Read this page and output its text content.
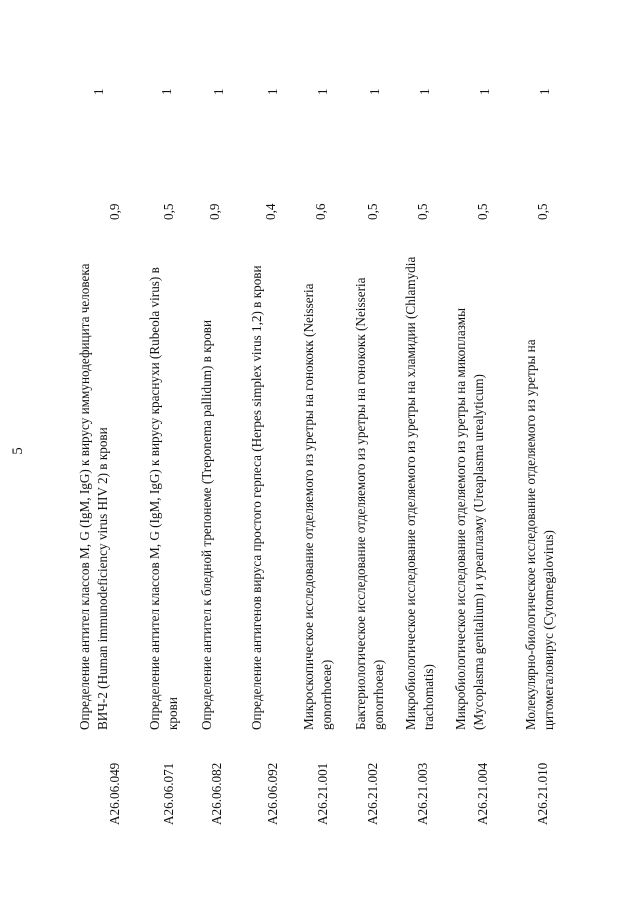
5
A26.06.049
Определение антител классов M, G (IgM, IgG) к вирусу иммунодефицита человека ВИЧ-2 (Human immunodeficiency virus HIV 2) в крови
0,9
1
A26.06.071
Определение антител классов M, G (IgM, IgG) к вирусу краснухи (Rubeola virus) в крови
0,5
1
A26.06.082
Определение антител к бледной трепонеме (Treponema pallidum) в крови
0,9
1
A26.06.092
Определение антигенов вируса простого герпеса (Herpes simplex virus 1,2) в крови
0,4
1
A26.21.001
Микроскопическое исследование отделяемого из уретры на гонококк (Neisseria gonorrhoeae)
0,6
1
A26.21.002
Бактериологическое исследование отделяемого из уретры на гонококк (Neisseria gonorrhoeae)
0,5
1
A26.21.003
Микробиологическое исследование отделяемого из уретры на хламидии (Chlamydia trachomatis)
0,5
1
A26.21.004
Микробиологическое исследование отделяемого из уретры на микоплазмы (Mycoplasma genitalium) и уреаплазму (Ureaplasma urealyticum)
0,5
1
A26.21.010
Молекулярно-биологическое исследование отделяемого из уретры на цитомегаловирус (Cytomegalovirus)
0,5
1
